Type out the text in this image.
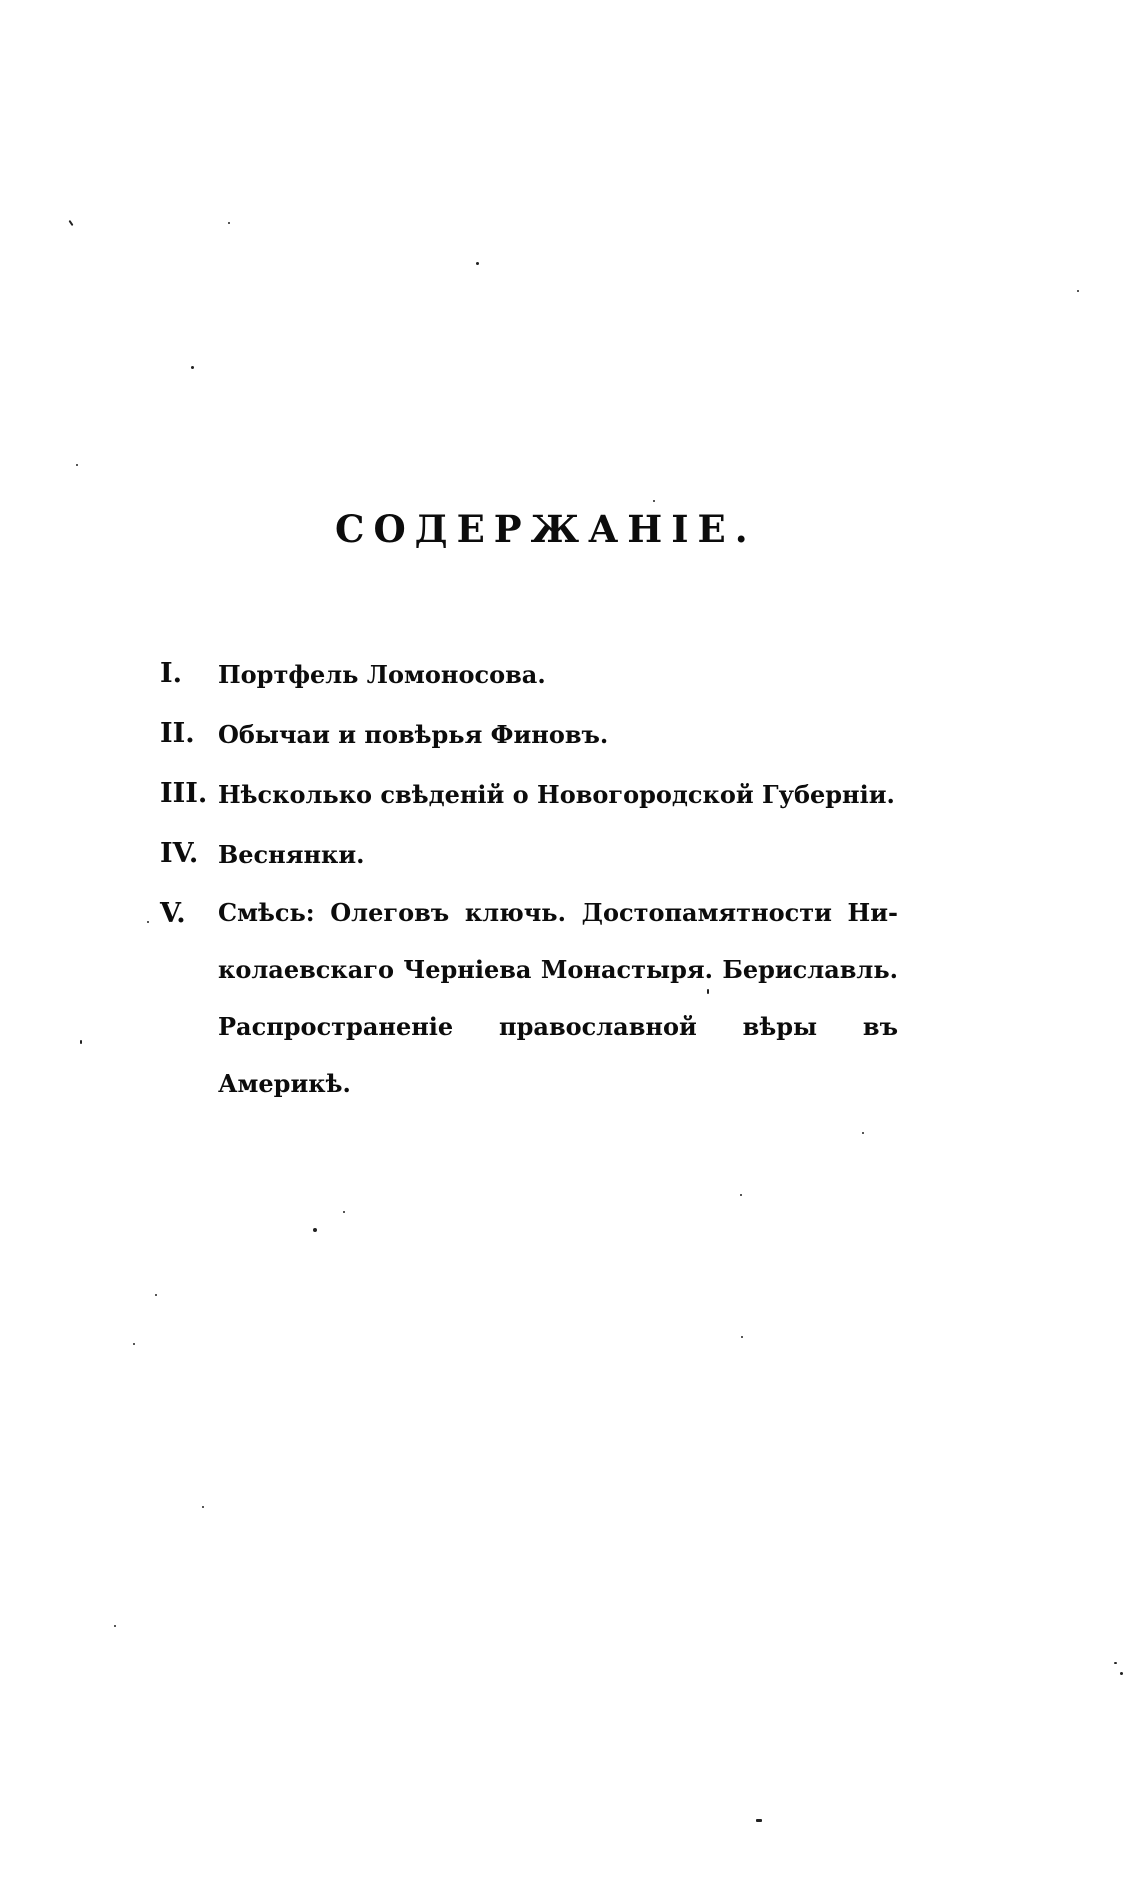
СОДЕРЖАНІЕ.
I. Портфель Ломоносова.
II. Обычаи и повѣрья Финовъ.
III. Нѣсколько свѣденій о Новогородской Губерніи.
IV. Веснянки.
V. Смѣсь: Олеговъ ключь. Достопамятности Ни-
колаевскаго Черніева Монастыря. Бериславль.
Распространеніе православной вѣры въ Америкѣ.
